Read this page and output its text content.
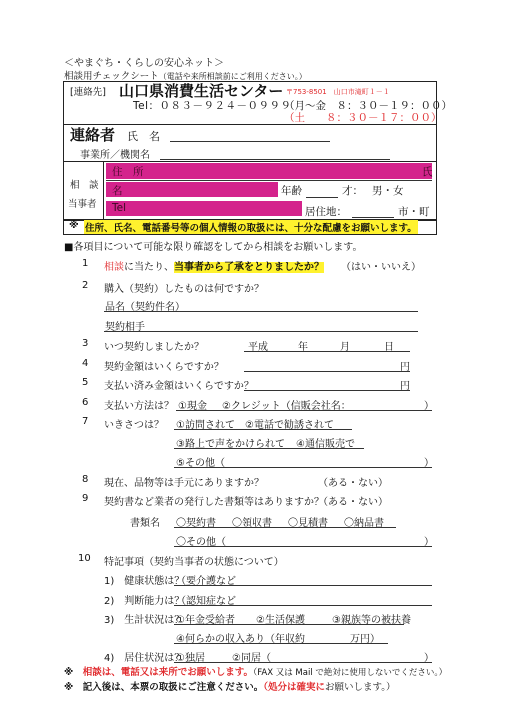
＜やまぐち・くらしの安心ネット＞
相談用チェックシート（電話や来所相談前にご利用ください。）
[連絡先] 山口県消費生活センター 〒753-8501　山口市滝町１－１
Tel：０８３－９２４－０９９９
（月～金　８：３０－１９：００）
（土　　８：３０－１７：００）
連絡者 氏　名
事業所／機関名
相　談
当事者
住　所	氏
名	年齢	才： 男・女
Tel	居住地：	市・町
※ 住所、氏名、電話番号等の個人情報の取扱には、十分な配慮をお願いします。
■各項目について可能な限り確認をしてから相談をお願いします。
1 相談に当たり、当事者から了承をとりましたか？ （はい・いいえ）
2 購入（契約）したものは何ですか？
品名（契約件名）
契約相手
3 いつ契約しましたか？	平成	年	月	日
4 契約金額はいくらですか？	円
5 支払い済み金額はいくらですか？	円
6 支払い方法は？ ①現金 ②クレジット（信販会社名：	）
7 いきさつは？ ①訪問されて ②電話で勧誘されて
③路上で声をかけられて ④通信販売で
⑤その他（	）
8 現在、品物等は手元にありますか？	（ある・ない）
9 契約書など業者の発行した書類等はありますか？
（ある・ない）
書類名 〇契約書 〇領収書 〇見積書 〇納品書
〇その他（	）
10 特記事項（契約当事者の状態について）
1)　健康状態は？
（要介護など
2)　判断能力は？
（認知症など
3)　生計状況は？
①年金受給者 ②生活保護	③親族等の被扶養
④何らかの収入あり（年収約	万円）
4)　居住状況は？
①独居	②同居（	）
※　 相談は、電話又は来所でお願いします。（FAX 又は Mail で絶対に使用しないでください。）
※　 記入後は、本票の取扱にご注意ください。（処分は確実にお願いします。）
